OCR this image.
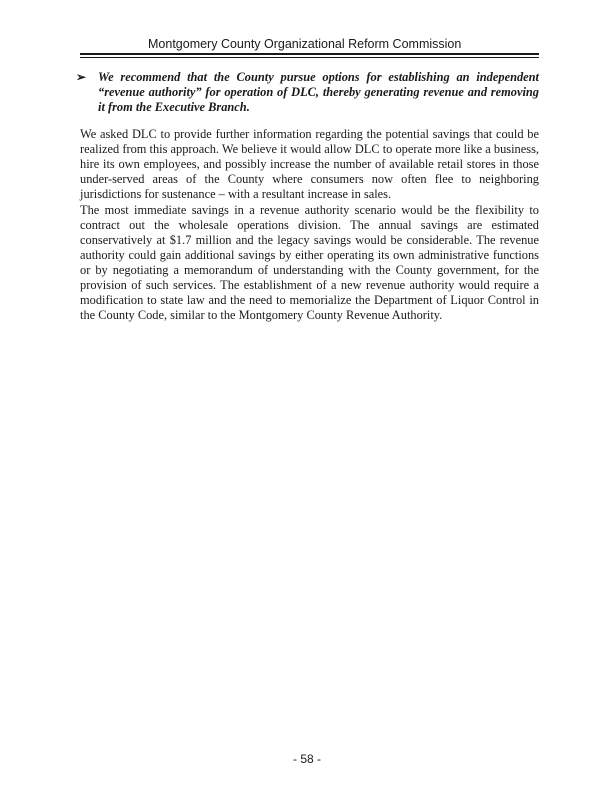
Montgomery County Organizational Reform Commission
➢ We recommend that the County pursue options for establishing an independent “revenue authority” for operation of DLC, thereby generating revenue and removing it from the Executive Branch.

We asked DLC to provide further information regarding the potential savings that could be realized from this approach. We believe it would allow DLC to operate more like a business, hire its own employees, and possibly increase the number of available retail stores in those under-served areas of the County where consumers now often flee to neighboring jurisdictions for sustenance – with a resultant increase in sales.

The most immediate savings in a revenue authority scenario would be the flexibility to contract out the wholesale operations division. The annual savings are estimated conservatively at $1.7 million and the legacy savings would be considerable. The revenue authority could gain additional savings by either operating its own administrative functions or by negotiating a memorandum of understanding with the County government, for the provision of such services. The establishment of a new revenue authority would require a modification to state law and the need to memorialize the Department of Liquor Control in the County Code, similar to the Montgomery County Revenue Authority.

- 58 -
